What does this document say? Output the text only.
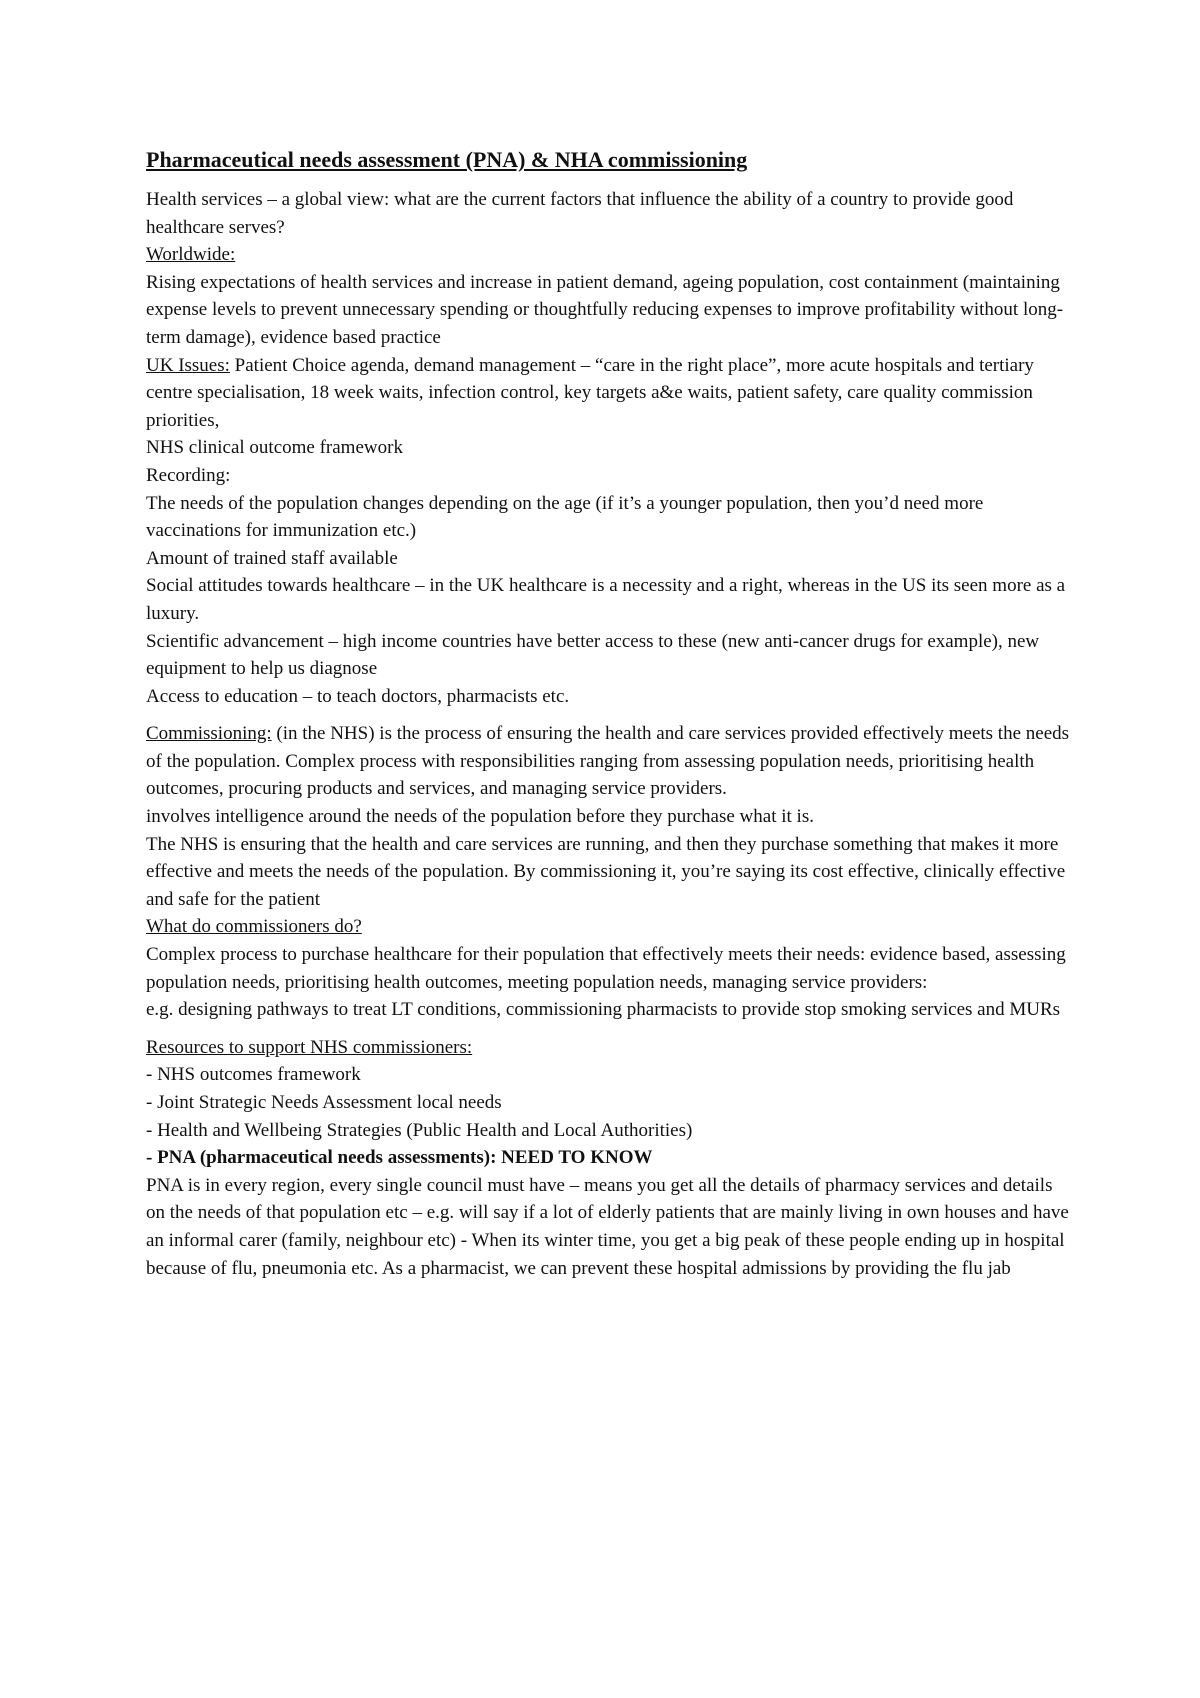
Pharmaceutical needs assessment (PNA) & NHA commissioning

Health services – a global view: what are the current factors that influence the ability of a country to provide good healthcare serves?

Worldwide:

Rising expectations of health services and increase in patient demand, ageing population, cost containment (maintaining expense levels to prevent unnecessary spending or thoughtfully reducing expenses to improve profitability without long-term damage), evidence based practice

UK Issues: Patient Choice agenda, demand management – “care in the right place”, more acute hospitals and tertiary centre specialisation, 18 week waits, infection control, key targets a&e waits, patient safety, care quality commission priorities,

NHS clinical outcome framework

Recording:

The needs of the population changes depending on the age (if it’s a younger population, then you’d need more vaccinations for immunization etc.)

Amount of trained staff available

Social attitudes towards healthcare – in the UK healthcare is a necessity and a right, whereas in the US its seen more as a luxury.

Scientific advancement – high income countries have better access to these (new anti-cancer drugs for example), new equipment to help us diagnose

Access to education – to teach doctors, pharmacists etc.

Commissioning: (in the NHS) is the process of ensuring the health and care services provided effectively meets the needs of the population. Complex process with responsibilities ranging from assessing population needs, prioritising health outcomes, procuring products and services, and managing service providers.

involves intelligence around the needs of the population before they purchase what it is.

The NHS is ensuring that the health and care services are running, and then they purchase something that makes it more effective and meets the needs of the population. By commissioning it, you’re saying its cost effective, clinically effective and safe for the patient

What do commissioners do?

Complex process to purchase healthcare for their population that effectively meets their needs: evidence based, assessing population needs, prioritising health outcomes, meeting population needs, managing service providers:

e.g. designing pathways to treat LT conditions, commissioning pharmacists to provide stop smoking services and MURs

Resources to support NHS commissioners:

- NHS outcomes framework

- Joint Strategic Needs Assessment local needs

- Health and Wellbeing Strategies (Public Health and Local Authorities)

- PNA (pharmaceutical needs assessments): NEED TO KNOW

PNA is in every region, every single council must have – means you get all the details of pharmacy services and details on the needs of that population etc – e.g. will say if a lot of elderly patients that are mainly living in own houses and have an informal carer (family, neighbour etc) - When its winter time, you get a big peak of these people ending up in hospital because of flu, pneumonia etc. As a pharmacist, we can prevent these hospital admissions by providing the flu jab
